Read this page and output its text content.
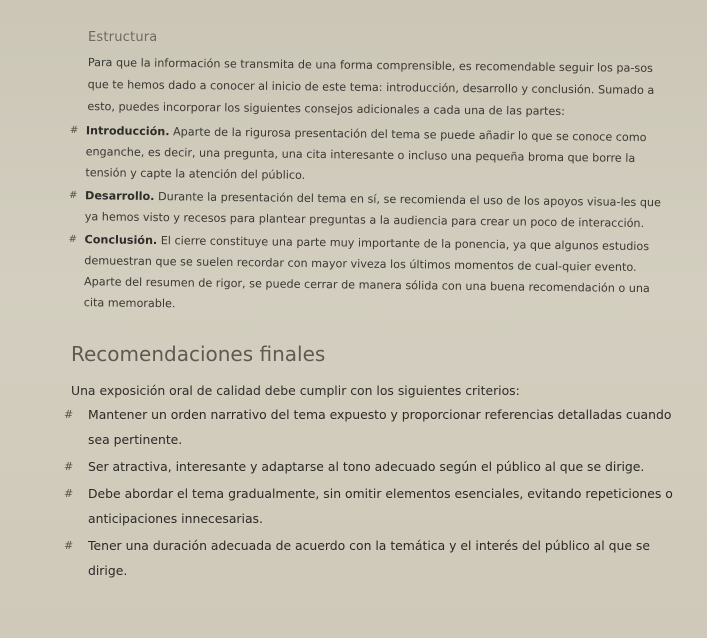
Estructura
Para que la información se transmita de una forma comprensible, es recomendable seguir los pa-sos que te hemos dado a conocer al inicio de este tema: introducción, desarrollo y conclusión. Sumado a esto, puedes incorporar los siguientes consejos adicionales a cada una de las partes:
# Introducción. Aparte de la rigurosa presentación del tema se puede añadir lo que se conoce como enganche, es decir, una pregunta, una cita interesante o incluso una pequeña broma que borre la tensión y capte la atención del público.
# Desarrollo. Durante la presentación del tema en sí, se recomienda el uso de los apoyos visua-les que ya hemos visto y recesos para plantear preguntas a la audiencia para crear un poco de interacción.
# Conclusión. El cierre constituye una parte muy importante de la ponencia, ya que algunos estudios demuestran que se suelen recordar con mayor viveza los últimos momentos de cual-quier evento. Aparte del resumen de rigor, se puede cerrar de manera sólida con una buena recomendación o una cita memorable.
Recomendaciones finales
Una exposición oral de calidad debe cumplir con los siguientes criterios:
# Mantener un orden narrativo del tema expuesto y proporcionar referencias detalladas cuando sea pertinente.
# Ser atractiva, interesante y adaptarse al tono adecuado según el público al que se dirige.
# Debe abordar el tema gradualmente, sin omitir elementos esenciales, evitando repeticiones o anticipaciones innecesarias.
# Tener una duración adecuada de acuerdo con la temática y el interés del público al que se dirige.
